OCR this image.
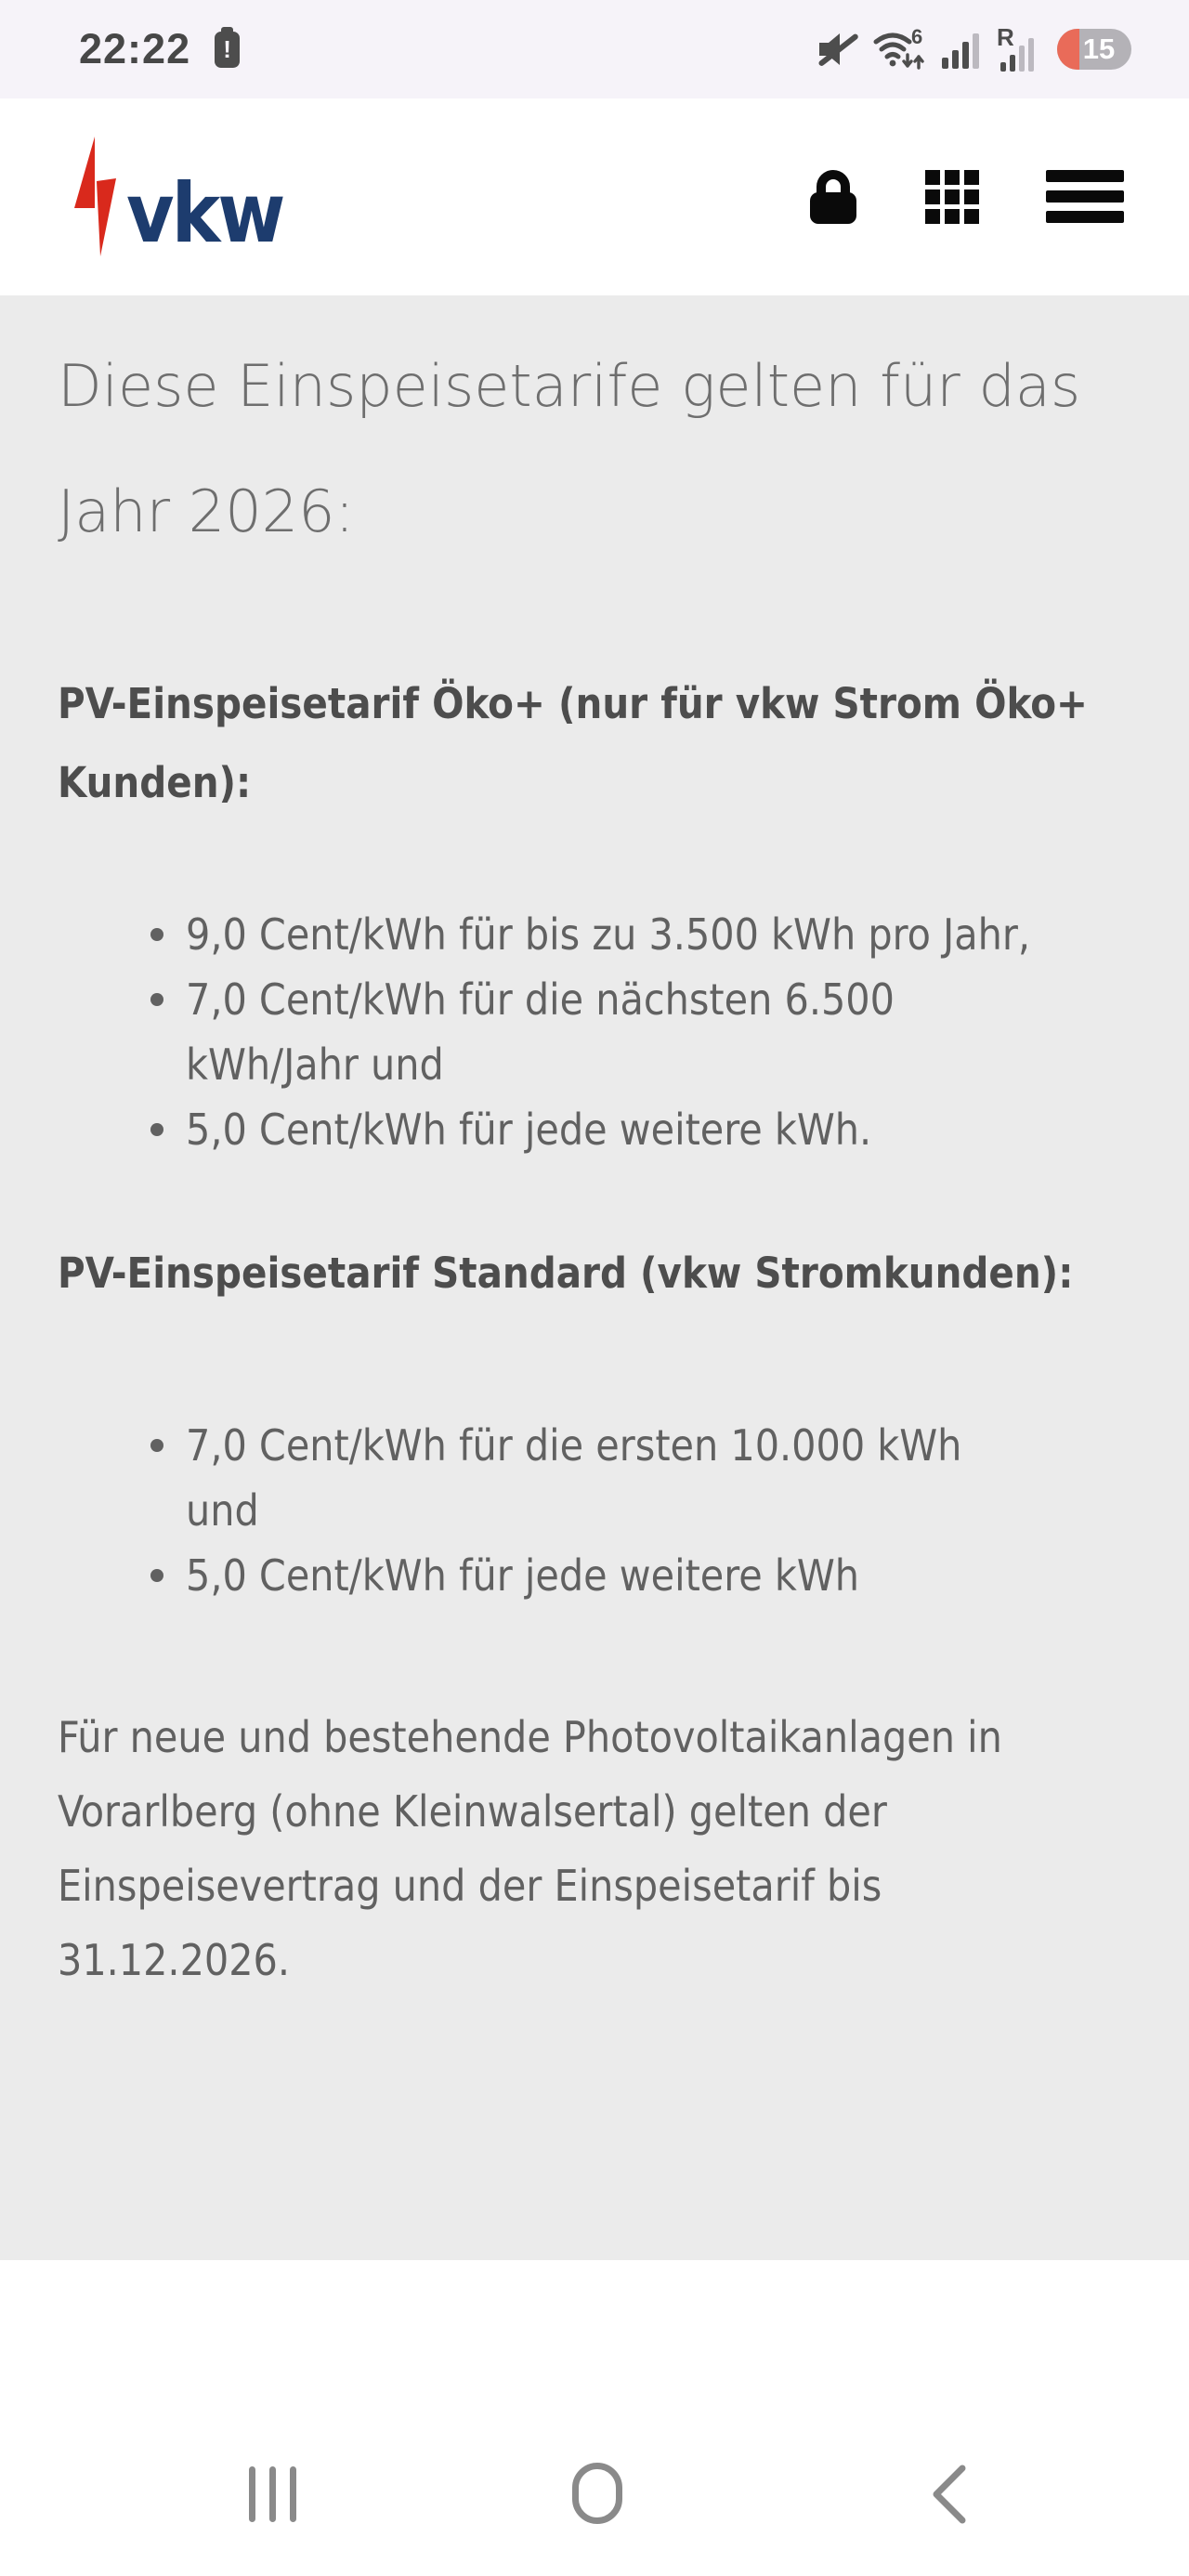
22:22 !	6	R 15
vkw
Diese Einspeisetarife gelten für das Jahr 2026:
PV-Einspeisetarif Öko+ (nur für vkw Strom Öko+ Kunden):
9,0 Cent/kWh für bis zu 3.500 kWh pro Jahr,
7,0 Cent/kWh für die nächsten 6.500 kWh/Jahr und
5,0 Cent/kWh für jede weitere kWh.
PV-Einspeisetarif Standard (vkw Stromkunden):
7,0 Cent/kWh für die ersten 10.000 kWh und
5,0 Cent/kWh für jede weitere kWh

Für neue und bestehende Photovoltaikanlagen in Vorarlberg (ohne Kleinwalsertal) gelten der Einspeisevertrag und der Einspeisetarif bis 31.12.2026.
